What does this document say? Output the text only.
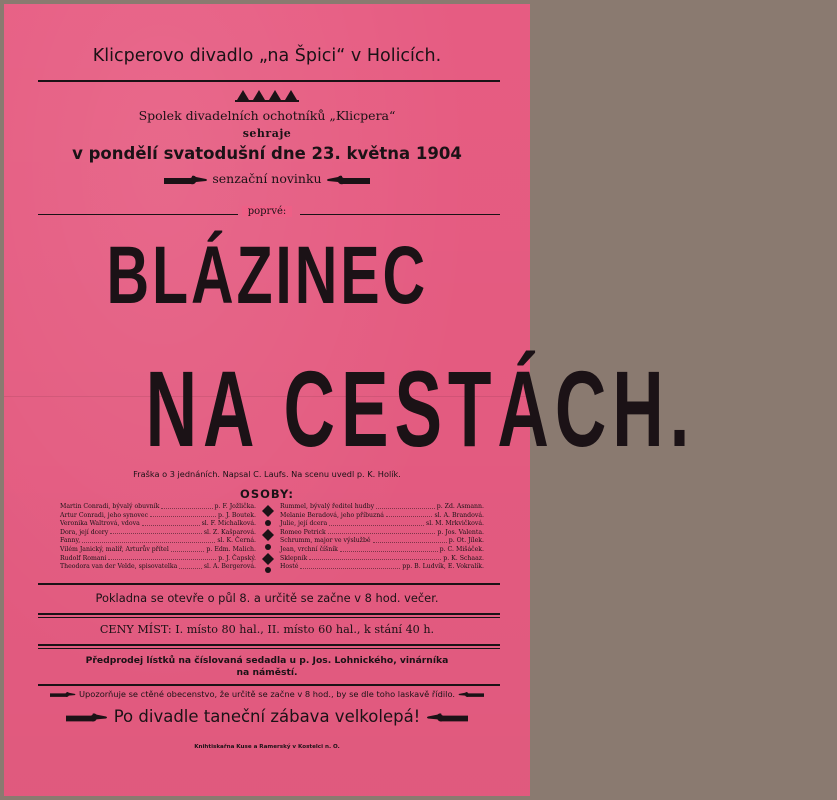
Klicperovo divadlo „na Špici“ v Holicích.
Spolek divadelních ochotníků „Klicpera“
sehraje
v pondělí svatodušní dne 23. května 1904
senzační novinku
poprvé:
BLÁZINEC
NA CESTÁCH.
Fraška o 3 jednáních. Napsal C. Laufs. Na scenu uvedl p. K. Holík.
OSOBY:
Martin Conradi, bývalý obuvník	p. F. Jožlička.
Artur Conradi, jeho synovec	p. J. Boutek.
Veronika Waltrová, vdova	sl. F. Michalková.
Dora, její dcery	sl. Z. Kašparová.
Fanny,	sl. K. Černá.
Vilém Janický, malíř, Arturův přítel	p. Edm. Malich.
Rudolf Romani	p. J. Čapský.
Theodora van der Velde, spisovatelka	sl. A. Bergerová.
Rummel, bývalý ředitel hudby	p. Zd. Asmann.
Melanie Beradová, jeho příbuzná	sl. A. Brandová.
Julie, její dcera	sl. M. Mrkvičková.
Romeo Petrick	p. Jos. Valenta.
Schrumm, major ve výslužbě	p. Ot. Jílek.
Jean, vrchní číšník	p. C. Mišáček.
Sklepník	p. K. Schaaz.
Hosté	pp. B. Ludvík, E. Vokralík.
Pokladna se otevře o půl 8. a určitě se začne v 8 hod. večer.
CENY MÍST: I. místo 80 hal., II. místo 60 hal., k stání 40 h.
Předprodej lístků na číslovaná sedadla u p. Jos. Lohnického, vinárníka
na náměstí.
Upozorňuje se ctěné obecenstvo, že určitě se začne v 8 hod., by se dle toho laskavě řídilo.
Po divadle taneční zábava velkolepá!
Knihtiskařna Kuse a Ramerský v Kostelci n. O.
